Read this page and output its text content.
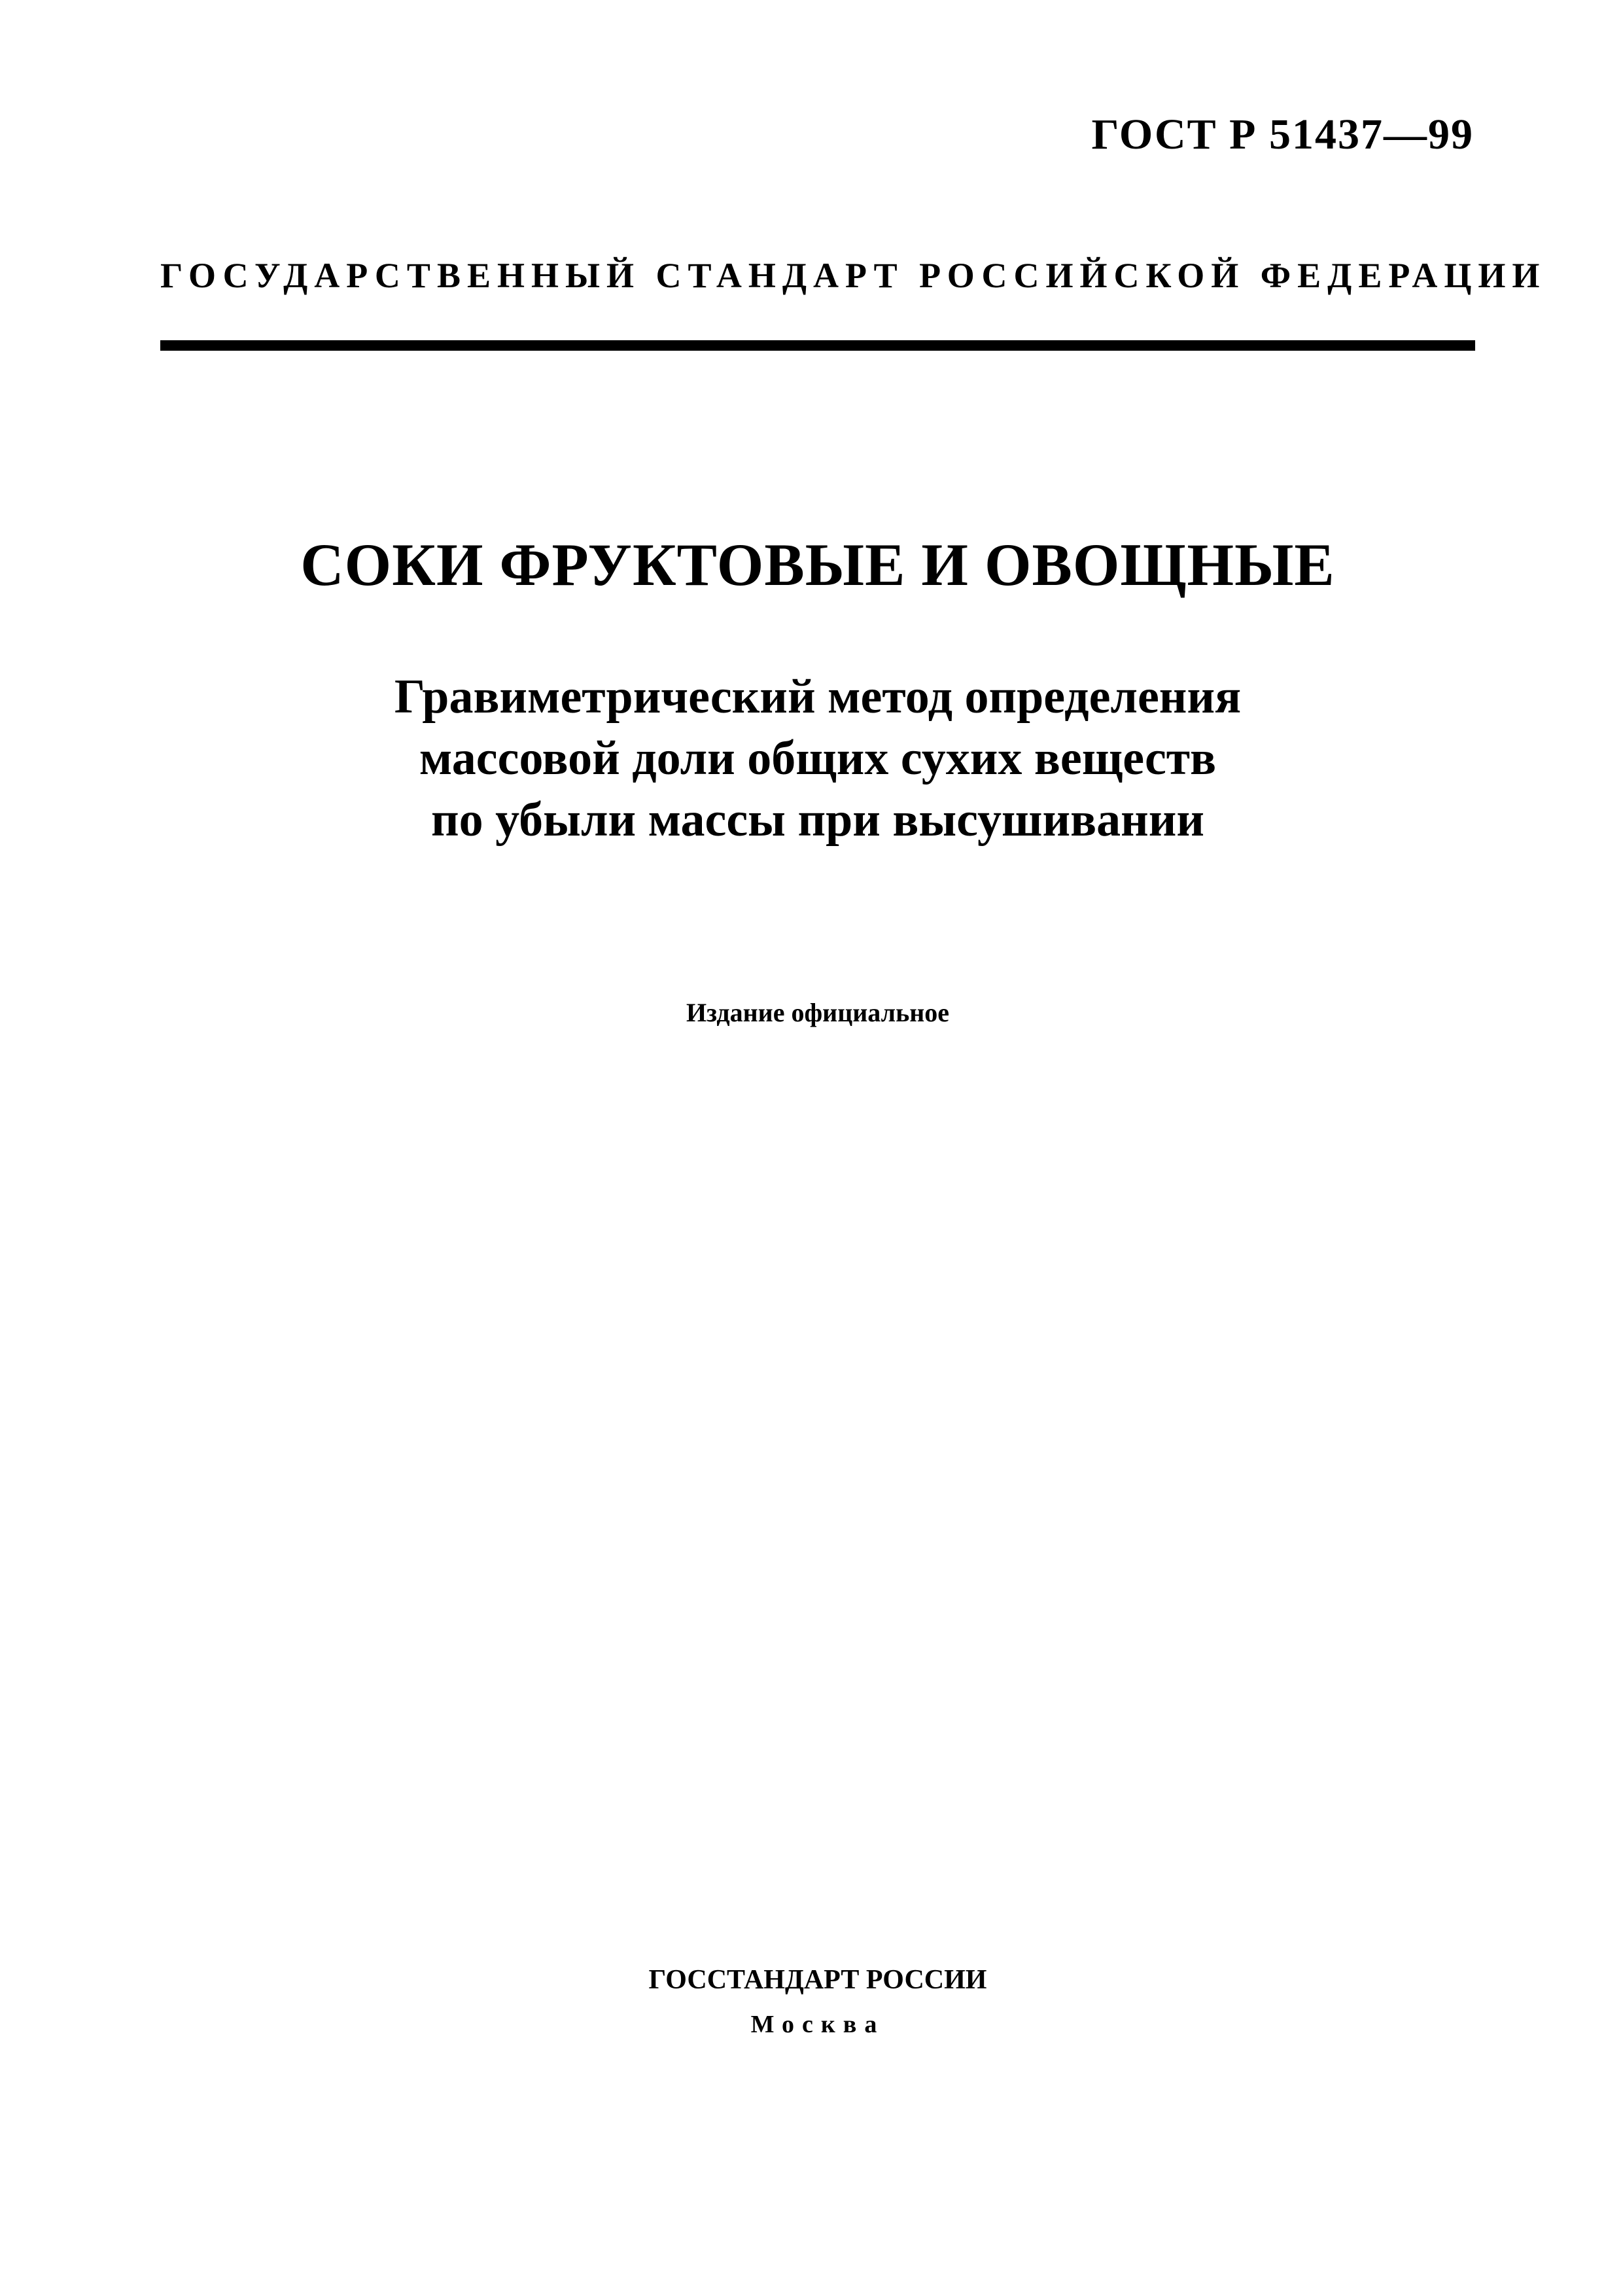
ГОСТ Р 51437—99
ГОСУДАРСТВЕННЫЙ СТАНДАРТ РОССИЙСКОЙ ФЕДЕРАЦИИ
СОКИ ФРУКТОВЫЕ И ОВОЩНЫЕ
Гравиметрический метод определения
массовой доли общих сухих веществ
по убыли массы при высушивании
Издание официальное
ГОССТАНДАРТ РОССИИ
Москва
